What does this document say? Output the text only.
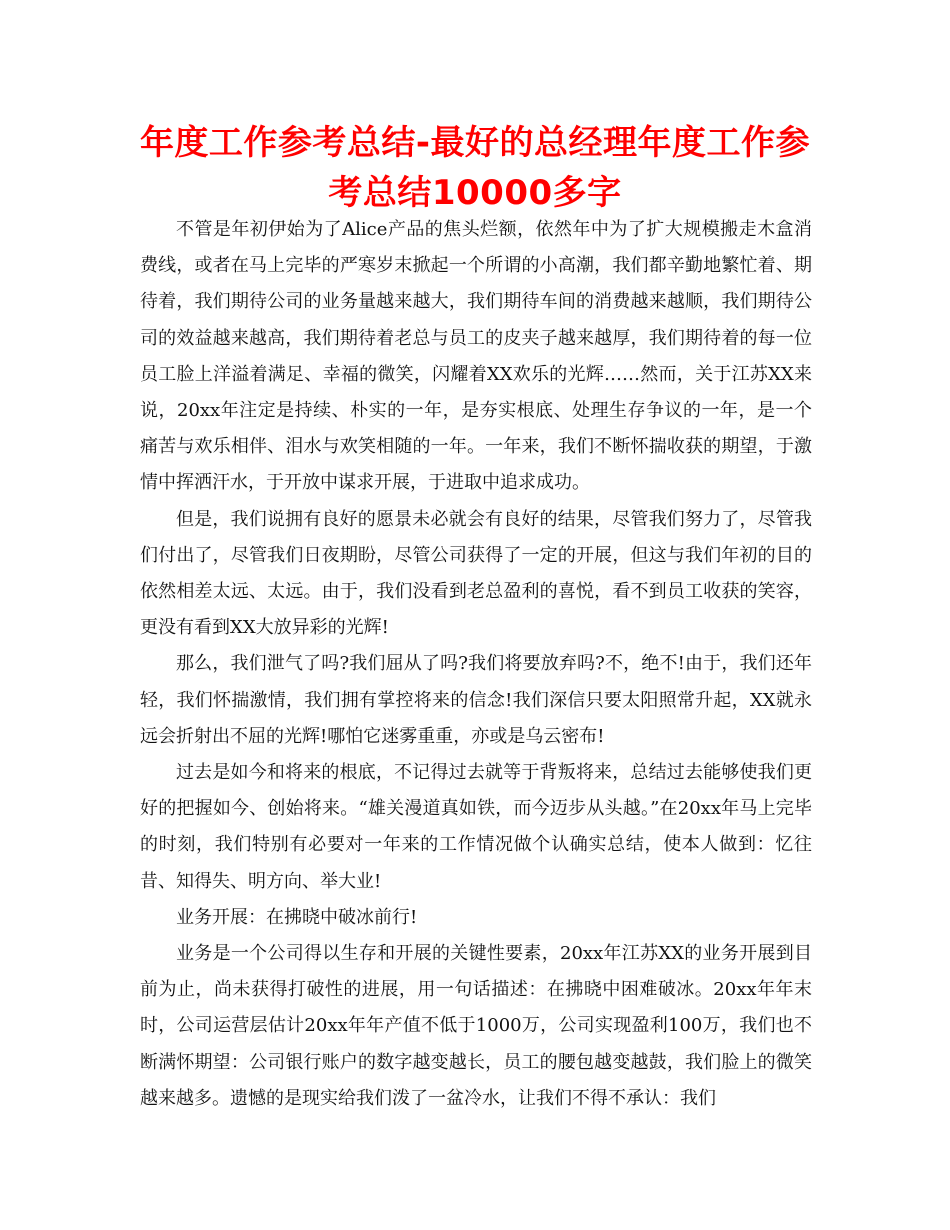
年度工作参考总结-最好的总经理年度工作参考总结10000多字

不管是年初伊始为了Alice产品的焦头烂额，依然年中为了扩大规模搬走木盒消费线，或者在马上完毕的严寒岁末掀起一个所谓的小高潮，我们都辛勤地繁忙着、期待着，我们期待公司的业务量越来越大，我们期待车间的消费越来越顺，我们期待公司的效益越来越高，我们期待着老总与员工的皮夹子越来越厚，我们期待着的每一位员工脸上洋溢着满足、幸福的微笑，闪耀着XX欢乐的光辉……然而，关于江苏XX来说，20xx年注定是持续、朴实的一年，是夯实根底、处理生存争议的一年，是一个痛苦与欢乐相伴、泪水与欢笑相随的一年。一年来，我们不断怀揣收获的期望，于激情中挥洒汗水，于开放中谋求开展，于进取中追求成功。

但是，我们说拥有良好的愿景未必就会有良好的结果，尽管我们努力了，尽管我们付出了，尽管我们日夜期盼，尽管公司获得了一定的开展，但这与我们年初的目的依然相差太远、太远。由于，我们没看到老总盈利的喜悦，看不到员工收获的笑容，更没有看到XX大放异彩的光辉!

那么，我们泄气了吗?我们屈从了吗?我们将要放弃吗?不，绝不!由于，我们还年轻，我们怀揣激情，我们拥有掌控将来的信念!我们深信只要太阳照常升起，XX就永远会折射出不屈的光辉!哪怕它迷雾重重，亦或是乌云密布!

过去是如今和将来的根底，不记得过去就等于背叛将来，总结过去能够使我们更好的把握如今、创始将来。“雄关漫道真如铁，而今迈步从头越。”在20xx年马上完毕的时刻，我们特别有必要对一年来的工作情况做个认确实总结，使本人做到：忆往昔、知得失、明方向、举大业!

业务开展：在拂晓中破冰前行!

业务是一个公司得以生存和开展的关键性要素，20xx年江苏XX的业务开展到目前为止，尚未获得打破性的进展，用一句话描述：在拂晓中困难破冰。20xx年年末时，公司运营层估计20xx年年产值不低于1000万，公司实现盈利100万，我们也不断满怀期望：公司银行账户的数字越变越长，员工的腰包越变越鼓，我们脸上的微笑越来越多。遗憾的是现实给我们泼了一盆冷水，让我们不得不承认：我们
